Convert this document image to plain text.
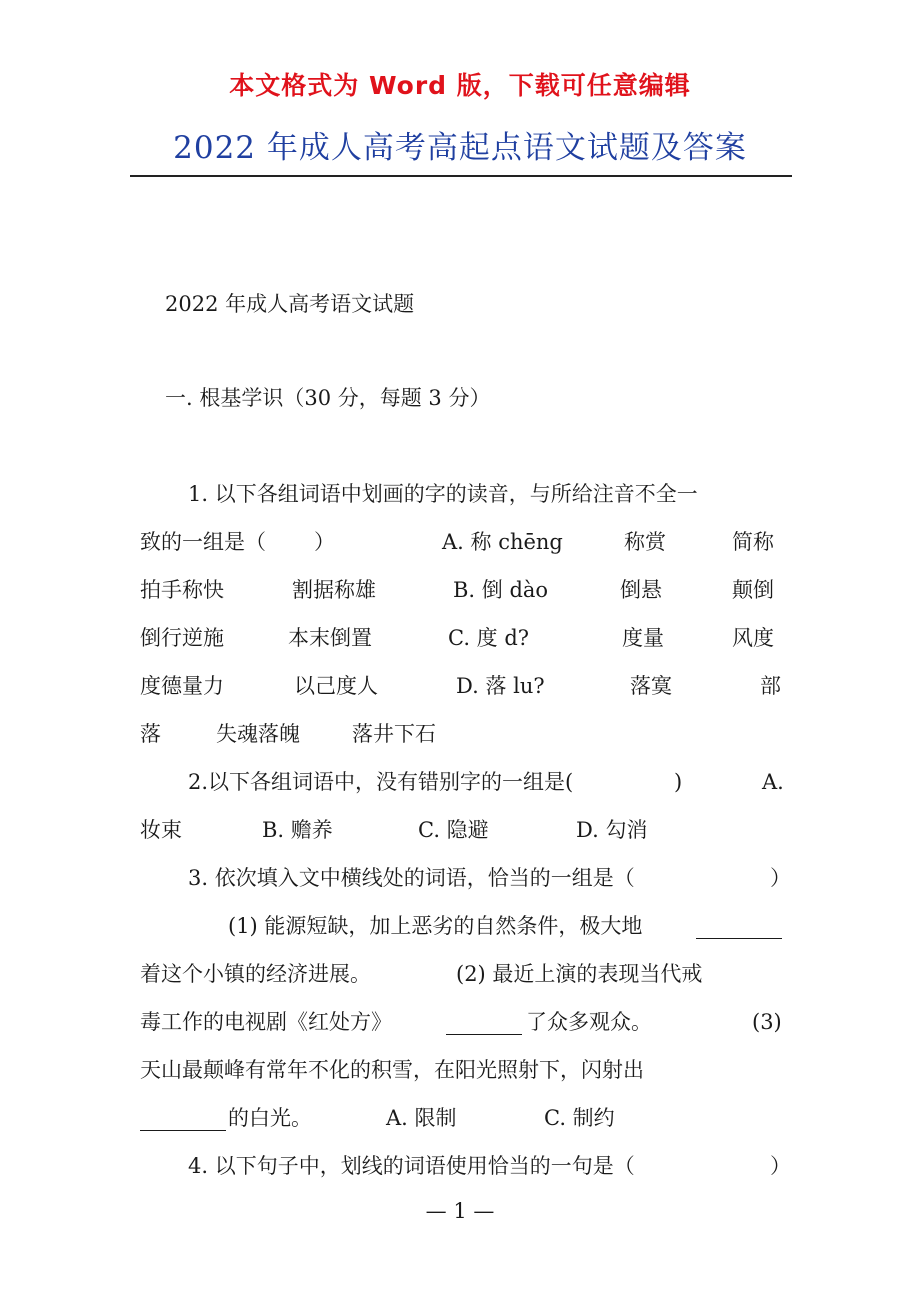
本文格式为 Word 版，下载可任意编辑
2022 年成人高考高起点语文试题及答案
2022 年成人高考语文试题
一. 根基学识（30 分，每题 3 分）
1. 以下各组词语中划画的字的读音，与所给注音不全一
致的一组是（ ）	A. 称 chēng	称赏	简称
拍手称快	割据称雄	B. 倒 dào	倒悬	颠倒
倒行逆施	本末倒置	C. 度 d?	度量	风度
度德量力	以己度人	D. 落 lu?	落寞	部
落	失魂落魄 落井下石
2.以下各组词语中，没有错别字的一组是(	)	A.
妆束	B. 赡养	C. 隐避	D. 勾消
3. 依次填入文中横线处的词语，恰当的一组是（	）
(1) 能源短缺，加上恶劣的自然条件，极大地
着这个小镇的经济进展。	(2) 最近上演的表现当代戒
毒工作的电视剧《红处方》	了众多观众。	(3)
天山最颠峰有常年不化的积雪，在阳光照射下，闪射出
的白光。	A. 限制	C. 制约
4. 以下句子中，划线的词语使用恰当的一句是（	）
— 1 —
